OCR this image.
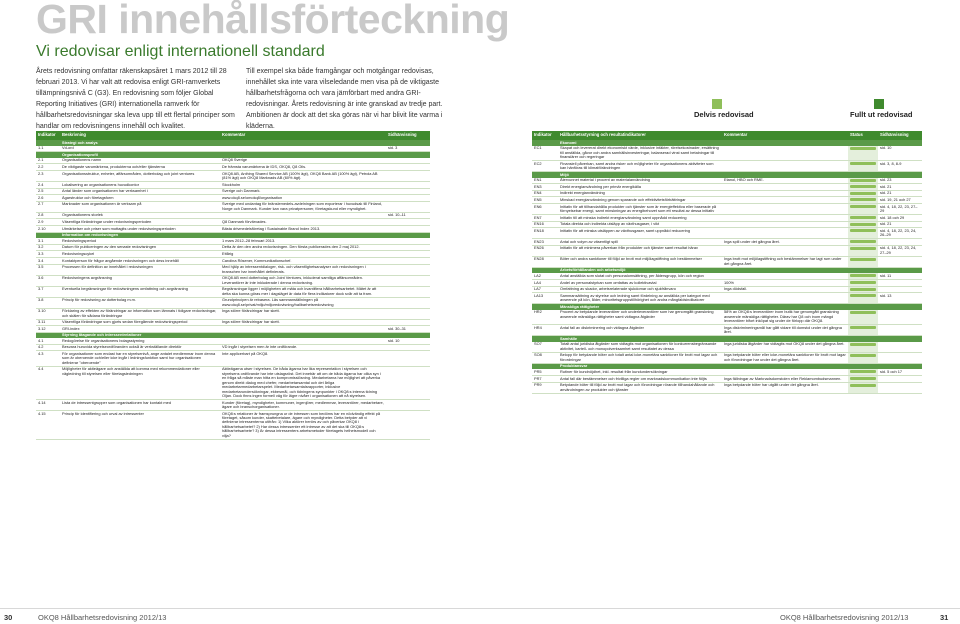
GRI innehållsförteckning
Vi redovisar enligt internationell standard
Årets redovisning omfattar räkenskapsåret 1 mars 2012 till 28 februari 2013. Vi har valt att redovisa enligt GRI-ramverkets tillämpningsnivå C (G3). En redovisning som följer Global Reporting Initiatives (GRI) internationella ramverk för hållbarhetsredovisningar ska leva upp till ett flertal principer som handlar om redovisningens innehåll och kvalitet.
Till exempel ska både framgångar och motgångar redovisas, innehållet ska inte vara vilseledande men visa på de viktigaste hållbarhetsfrågorna och vara jämförbart med andra GRI-redovisningar. Årets redovisning är inte granskad av tredje part. Ambitionen är dock att det ska göras när vi har blivit lite varma i kläderna.
Delvis redovisad	Fullt ut redovisad
Indikator	Beskrivning	Kommentar	Sidhänvisning
	Strategi och analys		
1.1	Vd-ord		sid. 3
	Organisationsprofil		
2.1	Organisationens namn	OKQ8 Sverige	
2.2	De viktigaste varumärkena, produkterna och/eller tjänsterna	De främsta varumärkena är IDS, OKQ8, Q8 Oils.	
2.3	Organisationsstruktur, enheter, affärsområden, dotterbolag och joint ventures	OKQ8 AB, Anthing Shared Service AB (100% ägt), OKQ8 Bank AB (100% ägt), Petrola AB (81% ägt) och OKQ8 Marknads AB (60% ägt).	
2.4	Lokalisering av organisationens huvudkontor	Stockholm	
2.5	Antal länder som organisationen har verksamhet i	Sverige och Danmark.	
2.6	Ägarstruktur och företagsform	www.okq8.se/omokq8/organisation	
2.7	Marknader som organisationen är verksam på	Sverige med undantag för bränslemedels-avdelningen som exporterar i huvudsak till Finland, Norge och Danmark. Kunder kan vara privatpersoner, företagskund eller myndighet.	
2.8	Organisationens storlek		sid. 10–11
2.9	Väsentliga förändringar under redovisningsperioden	Q8 Danmark förvärvades.	
2.10	Utmärkelser och priser som mottagits under redovisningsperioden	Bästa drivmedelsföretag i Sustainable Brand Index 2013.	
	Information om redovisningen		
3.1	Redovisningsperiod	1 mars 2012–28 februari 2013.	
3.2	Datum för publiceringen av den senaste redovisningen	Detta är den den andra redovisningen. Den första publicerades den 2 maj 2012.	
3.3	Redovisningscykel	Ettårig	
3.4	Kontaktperson för frågor angående redovisningen och dess innehåll	Carolina Rösener, Kommunikationschef.	
3.5	Processen för definition av innehållet i redovisningen	Med hjälp av intressentdialoger, risk- och väsentlighetsanalyser och redovisningen i branschen har innehållet definierats.	
3.6	Redovisningens avgränsning	OKQ8 AB med dotterbolag och Joint Ventures, inkluderat samtliga affärsområden. Leverantörer är inte inkluderade i denna redovisning.	
3.7	Eventuella begränsningar för redovisningens omfattning och avgränsning	Begränsningar ligger i möjligheten att mäta och kvantifiera hållbarhetsarbetet. Mätet är att detta ska kunna göras mer i dagsläget är data för flera indikatorer dock svår att ta fram.	
3.8	Princip för redovisning av dotterbolag m.m.	Grundprincipen är rebasera. Läs sammanställningen på www.okq8.se/privat/miljo/miljoredovisning/hallbarhetsredovisning	
3.10	Förklaring av effekten av förändringar av information som lämnats i tidigare redovisningar, och skälen för sådana förändringar	Inga större förändringar har skett.	
3.11	Väsentliga förändringar som gjorts sedan föregående redovisningsperiod	Inga större förändringar har skett.	
3.12	GRI-index		sid. 30–31
	Styrning åtagande och intressentrelationer		
4.1	Redogörelse för organisationens bolagsstyrning		sid. 10
4.2	Besvara huruvida styrelseordföranden också är verkställande direktör	VD ingår i styrelsen men är inte ordförande.	
4.3	För organisationer som endast har en styrelsenivå, ange antalet medlemmar inom denna som är oberoende och/eller icke ingår i ledningsfunktion samt hur organisationen definierar "oberoende"	Inte applicerbart på OKQ8.	
4.4	Möjligheter för aktieägare och anställda att komma med rekommendationer eller vägledning till styrelsen eller företagsledningen	Aktieägarna utser i styrelsen. De båda ägarna har lika representation i styrelsen och styrelsens ordförande har inte utslagsröst. Det innebär att om de båda ägarna har olika syn i en fråga så måste man hitta en kompromisslösning. Medarbetarna har möjlighet att påverka genom direkt dialog med chefer, medarbetarsamtal och det årliga medarbetarmedarbetarspelet. Medarbetarsamtalsrapporter, inklusive medarbetarundersökningar, ekbesmål, och tidningens synpunkter i OKQ8:s interna tidning Oljan. Dock finns ingen formell väg för lägre nivåer i organisationen att nå styrelsen.	
4.14	Lista de intressentgrupper som organisationen har kontakt med	Kunder (företag), myndigheter, kommuner, ingenjörer, medlemmar, leverantörer, medarbetare, ägare och branschorganisationer.	
4.15	Princip för identifiering och urval av intressenter	OKQ8:s relationer är framsprungna ur de intressen som bedöms har en nödvändig effekt på företaget, såsom kunder, skattebetalare, ägare och myndigheter. Detta betyder att vi definierar intressenterna utifrån: 1) Vilka aktörer berörs av och påverkar OKQ8 i hållbarhetsarbetet? 2) Har dessa intressenter ett intresse av att det ska till OKQ8:s hållbarhetsarbete? 3) Är dessa intressenters arbetsmetoder företagets helhetsmodell och vilja?	
Indikator	Hållbarhetsstyrning och resultatindikatorer	Kommentar	Status	Sidhänvisning
	Ekonomi			
EC1	Skapat och levererat direkt ekonomiskt värde, inklusive intäkter, rörelsekostnader, ersättning till anställda, gåvor och andra samhällsinvesteringar, balanserad vinst samt betalningar till finansiärer och regeringar			sid. 10
EC2	Finansiell påverkan, samt andra risker och möjligheter för organisationens aktiviteter som kan hänföras till klimatförändringen			sid. 3, 8, 8-9
	Miljö			
EN1	Återvunnet material i procent av materialanvändning	Etanol, HBO och RME.		sid. 23
EN3	Direkt energianvändning per primär energikälla			sid. 21
EN4	Indirekt energianvändning			sid. 21
EN5	Minskad energianvändning genom sparande och effektivitetsförbättringar			sid. 19, 21 och 27
EN6	Initiativ för att tillhandahålla produkter och tjänster som är energieffektiva eller baserade på förnyelsebar energi, samt minskningar av energibehovet som ett resultat av dessa initiativ			sid. 4, 18, 22, 23, 27–29
EN7	Initiativ till att minska indirekt energianvändning samt uppnådd reducering			sid. 18 och 29
EN16	Totala direkta och indirekta utsläpp av växthusgaser, i vikt			sid. 21
EN18	Initiativ för att minska utsläppen av växthusgaser, samt uppnådd reducering			sid. 4, 18, 22, 23, 24, 26–29
EN23	Antal och volym av väsentligt spill	Inga spill under det gångna året.	

EN26	Initiativ för att minimera påverkan från produkter och tjänster samt resultat härav			sid. 4, 18, 22, 23, 24, 27–29
EN28	Böter och andra sanktioner till följd av brott mot miljölagstiftning och bestämmelser	Inga brott mot miljölagstiftning och bestämmelser har lagt rum under det gångna året.	

	Arbetsförhållanden och arbetsmiljö			
LA2	Antal anställda som slutat och personalomsättning, per åldersgrupp, kön och region			sid. 11
LA4	Andel av personalstyrkan som omfattas av kollektivavtal	100%	

LA7	Omfattning av skador, arbetsrelaterade sjukdomar och sjukfrånvaro	Inga dödsfall.	

LA13	Sammansättning av styrelse och ledning samt fördelning av anställda per kategori med avseende på kön, ålder, minoritetsgruppstillhörighet och andra mångfaldsindikatorer			sid. 13
	Mänskliga rättigheter			
HR2	Procent av betydande leverantörer och underleverantörer som har genomgått granskning avseende mänskliga rättigheter samt vidtagna åtgärder	58% av OKQ8:s leverantörer inom butik har genomgått granskning avseende mänskliga rättigheter. Därav har Q8 och inom mängd leverantörer bifort inköpat sig under de förlopp där OKQ8.	

HR4	Antal fall av diskriminering och vidtagna åtgärder	Inga diskrimineringsmål har gått vidare till domstol under det gångna året.	

	Samhälle			
SO7	Totalt antal juridiska åtgärder som vidtagits mot organisationen för konkurrensbegränsande aktivitet, kartell- och monopolverksamhet samt resultatet av dessa	Inga juridiska åtgärder har vidtagits mot OKQ8 under det gångna året.	

SO8	Belopp för betydande böter och totalt antal icke-monetära sanktioner för brott mot lagar och förordningar	Inga betydande böter eller icke-monetära sanktioner för brott mot lagar och förordningar har under det gångna året.	

	Produktansvar			
PR5	Rutiner för kundnöjdhet, inkl. resultat från kundundersökningar			sid. 5 och 17
PR7	Antal fall där bestämmelser och frivilliga regler om marknadskommunikation inte följts	Inga fällningar av Marknadsdomstolen eller Reklamombudsmannen.	

PR9	Betydande böter till följd av brott mot lagar och förordningar rörande tillhandahållande och användningen av produkter och tjänster	Inga betydande böter har utgått under det gångna året.	

30	OKQ8 Hållbarhetsredovisning 2012/13	OKQ8 Hållbarhetsredovisning 2012/13	31
